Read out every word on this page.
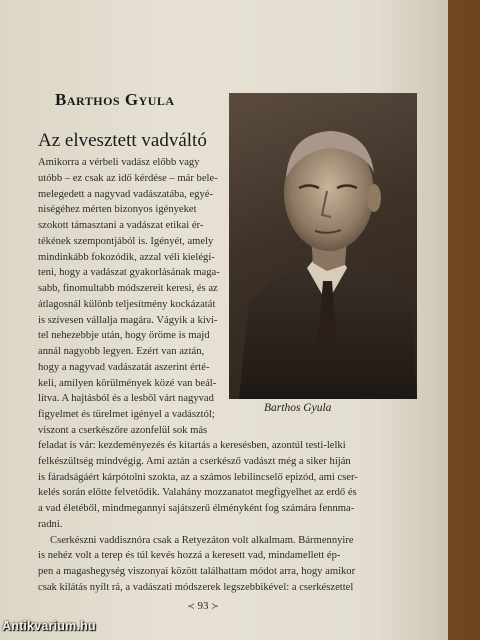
Barthos Gyula
Az elvesztett vadváltó
Barthos Gyula
Amikorra a vérbeli vadász előbb vagy
utóbb – ez csak az idő kérdése – már bele-
melegedett a nagyvad vadászatába, egyé-
niségéhez mérten bizonyos igényeket
szokott támasztani a vadászat etikai ér-
tékének szempontjából is. Igényét, amely
mindinkább fokozódik, azzal véli kielégí-
teni, hogy a vadászat gyakorlásának maga-
sabb, finomultabb módszereit keresi, és az
átlagosnál különb teljesítmény kockázatát
is szívesen vállalja magára. Vágyik a kivi-
tel nehezebbje után, hogy öröme is majd
annál nagyobb legyen. Ezért van aztán,
hogy a nagyvad vadászatát aszerint érté-
keli, amilyen körülmények közé van beál-
lítva. A hajtásból és a lesből várt nagyvad
figyelmet és türelmet igényel a vadásztól;
viszont a cserkészőre azonfelül sok más
feladat is vár: kezdeményezés és kitartás a keresésben, azontúl testi-lelki
felkészültség mindvégig. Ami aztán a cserkésző vadászt még a siker híján
is fáradságáért kárpótolni szokta, az a számos lebilincselő epizód, ami cser-
kelés során előtte felvetődik. Valahány mozzanatot megfigyelhet az erdő és
a vad életéből, mindmegannyi sajátszerű élményként fog számára fennma-
radni.
Cserkészni vaddisznóra csak a Retyezáton volt alkalmam. Bármennyire
is nehéz volt a terep és túl kevés hozzá a keresett vad, mindamellett ép-
pen a magashegység viszonyai között találhattam módot arra, hogy amikor
csak kilátás nyílt rá, a vadászati módszerek legszebbikével: a cserkészettel
≺ 93 ≻
Antikvarium.hu
